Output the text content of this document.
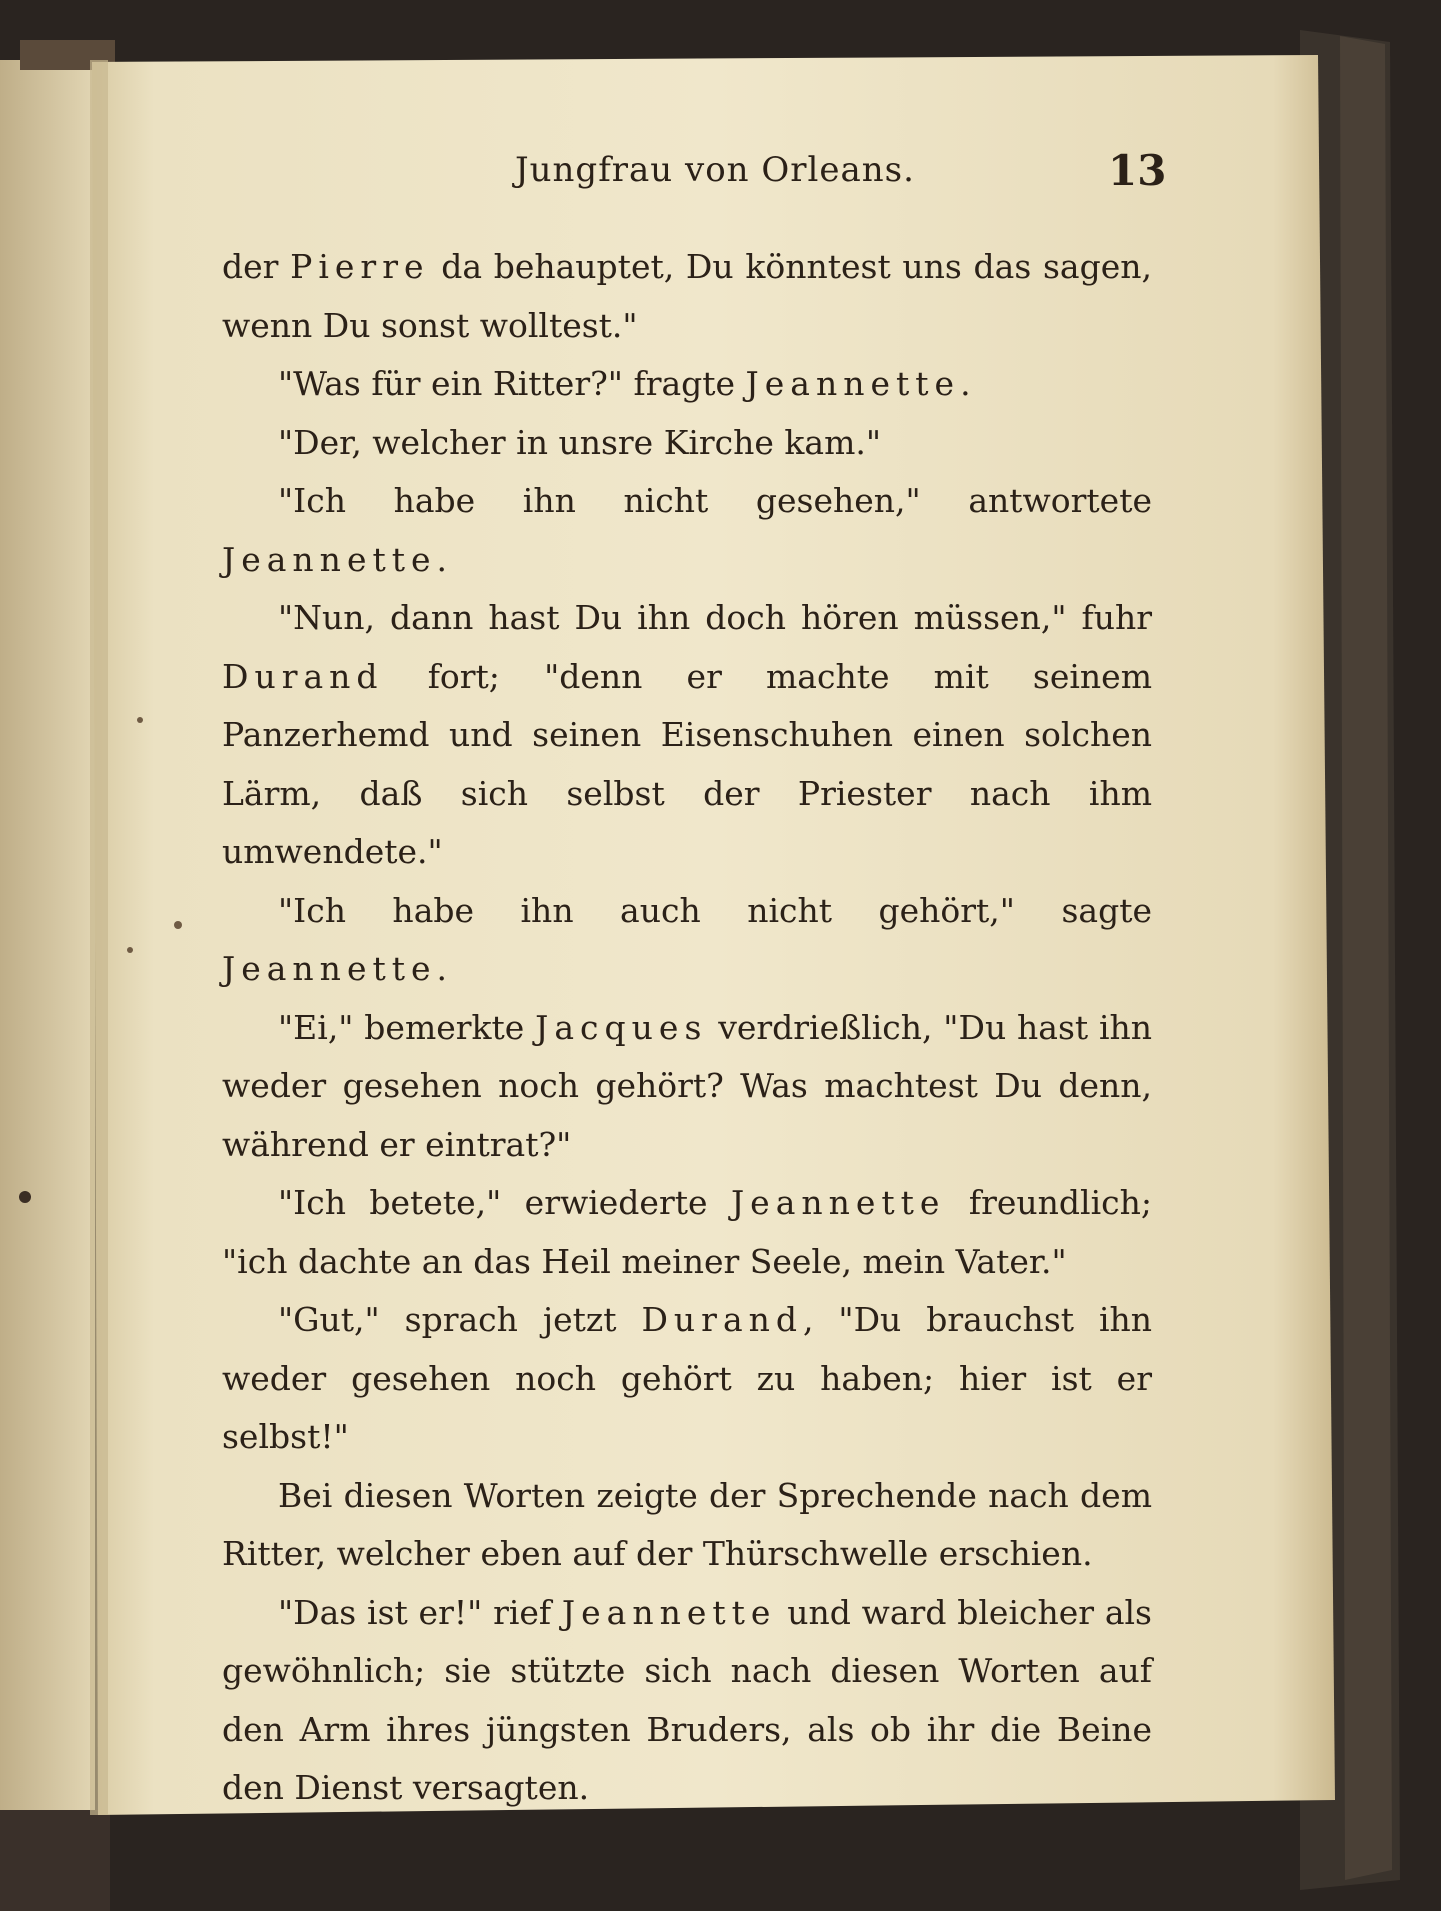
Jungfrau von Orleans.	13

der Pierre da behauptet, Du könntest uns das sagen, wenn Du sonst wolltest."

"Was für ein Ritter?" fragte Jeannette.

"Der, welcher in unsre Kirche kam."

"Ich habe ihn nicht gesehen," antwortete Jeannette.

"Nun, dann hast Du ihn doch hören müssen," fuhr Durand fort; "denn er machte mit seinem Panzerhemd und seinen Eisenschuhen einen solchen Lärm, daß sich selbst der Priester nach ihm umwendete."

"Ich habe ihn auch nicht gehört," sagte Jeannette.

"Ei," bemerkte Jacques verdrießlich, "Du hast ihn weder gesehen noch gehört? Was machtest Du denn, während er eintrat?"

"Ich betete," erwiederte Jeannette freundlich; "ich dachte an das Heil meiner Seele, mein Vater."

"Gut," sprach jetzt Durand, "Du brauchst ihn weder gesehen noch gehört zu haben; hier ist er selbst!"

Bei diesen Worten zeigte der Sprechende nach dem Ritter, welcher eben auf der Thürschwelle erschien.

"Das ist er!" rief Jeannette und ward bleicher als gewöhnlich; sie stützte sich nach diesen Worten auf den Arm ihres jüngsten Bruders, als ob ihr die Beine den Dienst versagten.
